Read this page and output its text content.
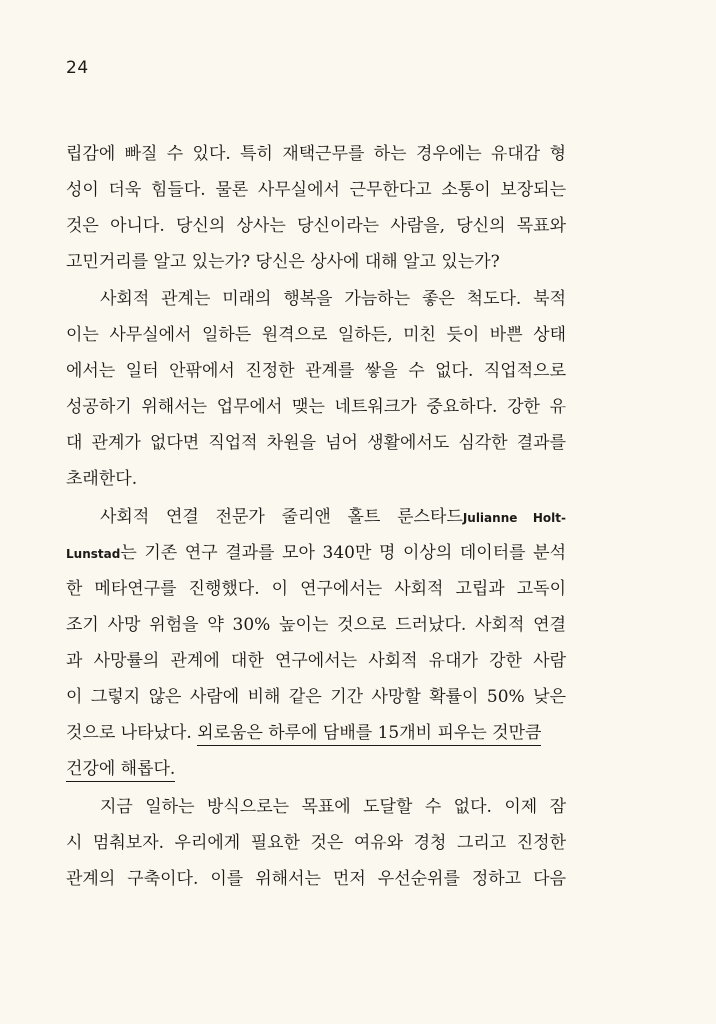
24
립감에 빠질 수 있다. 특히 재택근무를 하는 경우에는 유대감 형
성이 더욱 힘들다. 물론 사무실에서 근무한다고 소통이 보장되는
것은 아니다. 당신의 상사는 당신이라는 사람을, 당신의 목표와
고민거리를 알고 있는가? 당신은 상사에 대해 알고 있는가?
사회적 관계는 미래의 행복을 가늠하는 좋은 척도다. 북적
이는 사무실에서 일하든 원격으로 일하든, 미친 듯이 바쁜 상태
에서는 일터 안팎에서 진정한 관계를 쌓을 수 없다. 직업적으로
성공하기 위해서는 업무에서 맺는 네트워크가 중요하다. 강한 유
대 관계가 없다면 직업적 차원을 넘어 생활에서도 심각한 결과를
초래한다.
사회적 연결 전문가 줄리앤 홀트 룬스타드Julianne Holt-
Lunstad는 기존 연구 결과를 모아 340만 명 이상의 데이터를 분석
한 메타연구를 진행했다. 이 연구에서는 사회적 고립과 고독이
조기 사망 위험을 약 30% 높이는 것으로 드러났다. 사회적 연결
과 사망률의 관계에 대한 연구에서는 사회적 유대가 강한 사람
이 그렇지 않은 사람에 비해 같은 기간 사망할 확률이 50% 낮은
것으로 나타났다. 외로움은 하루에 담배를 15개비 피우는 것만큼
건강에 해롭다.
지금 일하는 방식으로는 목표에 도달할 수 없다. 이제 잠
시 멈춰보자. 우리에게 필요한 것은 여유와 경청 그리고 진정한
관계의 구축이다. 이를 위해서는 먼저 우선순위를 정하고 다음
